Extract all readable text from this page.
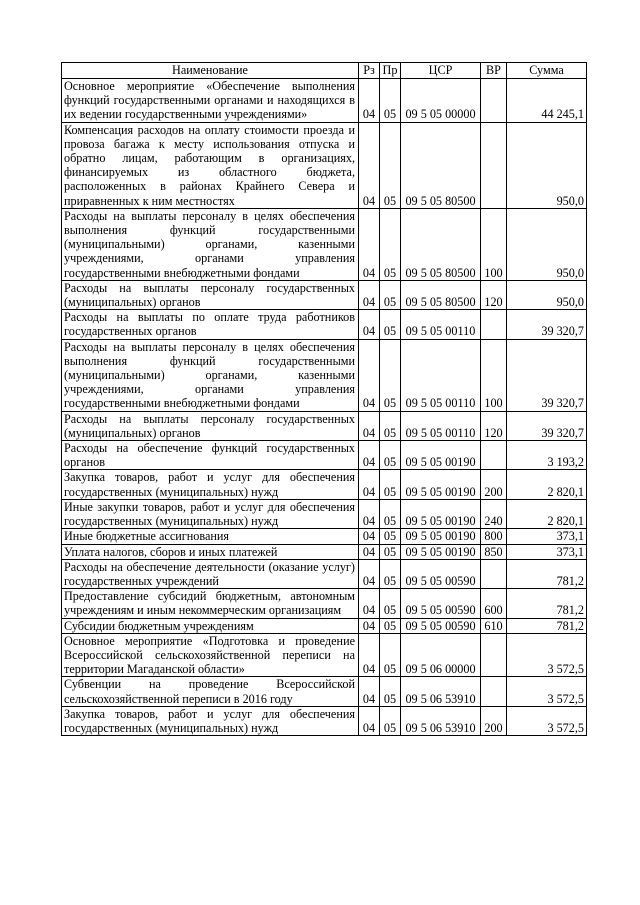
Наименование	Рз	Пр	ЦСР	ВР	Сумма
Основное мероприятие «Обеспечение выполнения функций государственными органами и находящихся в их ведении государственными учреждениями»	04	05	09 5 05 00000		44 245,1
Компенсация расходов на оплату стоимости проезда и провоза багажа к месту использования отпуска и обратно лицам, работающим в организациях, финансируемых из областного бюджета, расположенных в районах Крайнего Севера и приравненных к ним местностях	04	05	09 5 05 80500		950,0
Расходы на выплаты персоналу в целях обеспечения выполнения функций государственными (муниципальными) органами, казенными учреждениями, органами управления государственными внебюджетными фондами	04	05	09 5 05 80500	100	950,0
Расходы на выплаты персоналу государственных (муниципальных) органов	04	05	09 5 05 80500	120	950,0
Расходы на выплаты по оплате труда работников государственных органов	04	05	09 5 05 00110		39 320,7
Расходы на выплаты персоналу в целях обеспечения выполнения функций государственными (муниципальными) органами, казенными учреждениями, органами управления государственными внебюджетными фондами	04	05	09 5 05 00110	100	39 320,7
Расходы на выплаты персоналу государственных (муниципальных) органов	04	05	09 5 05 00110	120	39 320,7
Расходы на обеспечение функций государственных органов	04	05	09 5 05 00190		3 193,2
Закупка товаров, работ и услуг для обеспечения государственных (муниципальных) нужд	04	05	09 5 05 00190	200	2 820,1
Иные закупки товаров, работ и услуг для обеспечения государственных (муниципальных) нужд	04	05	09 5 05 00190	240	2 820,1
Иные бюджетные ассигнования	04	05	09 5 05 00190	800	373,1
Уплата налогов, сборов и иных платежей	04	05	09 5 05 00190	850	373,1
Расходы на обеспечение деятельности (оказание услуг) государственных учреждений	04	05	09 5 05 00590		781,2
Предоставление субсидий бюджетным, автономным учреждениям и иным некоммерческим организациям	04	05	09 5 05 00590	600	781,2
Субсидии бюджетным учреждениям	04	05	09 5 05 00590	610	781,2
Основное мероприятие «Подготовка и проведение Всероссийской сельскохозяйственной переписи на территории Магаданской области»	04	05	09 5 06 00000		3 572,5
Субвенции на проведение Всероссийской сельскохозяйственной переписи в 2016 году	04	05	09 5 06 53910		3 572,5
Закупка товаров, работ и услуг для обеспечения государственных (муниципальных) нужд	04	05	09 5 06 53910	200	3 572,5
